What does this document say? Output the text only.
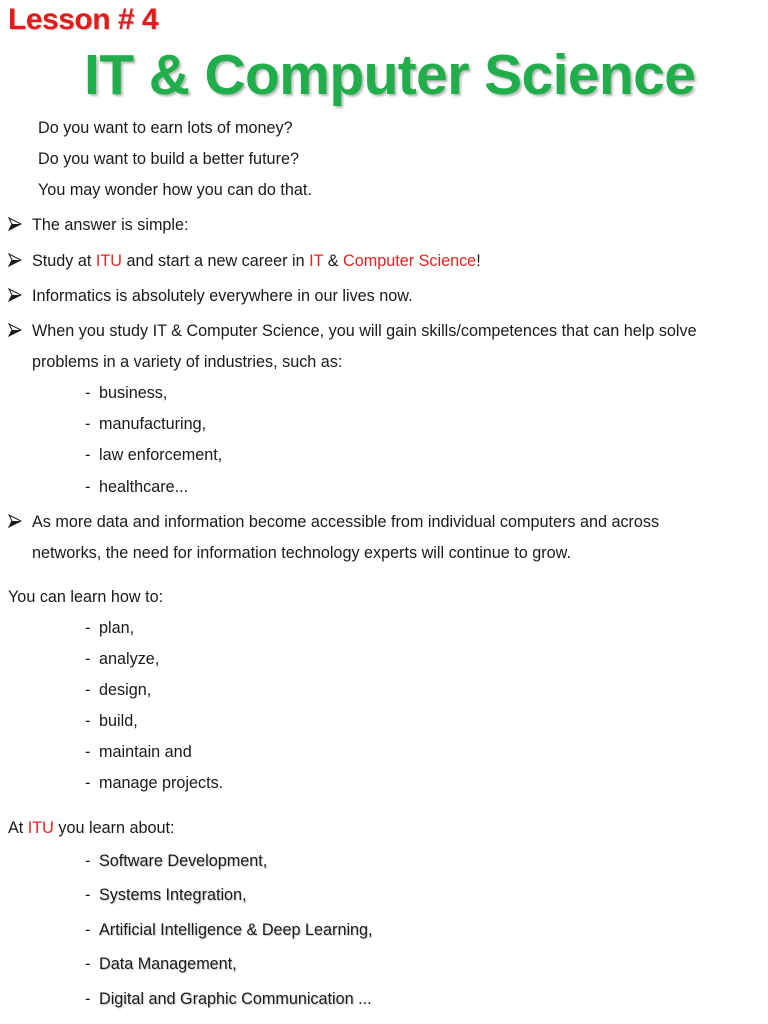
Lesson # 4
IT & Computer Science
Do you want to earn lots of money?
Do you want to build a better future?
You may wonder how you can do that.
The answer is simple:
Study at ITU and start a new career in IT & Computer Science!
Informatics is absolutely everywhere in our lives now.
When you study IT & Computer Science, you will gain skills/competences that can help solve
problems in a variety of industries, such as:
- business,
- manufacturing,
- law enforcement,
- healthcare...
As more data and information become accessible from individual computers and across
networks, the need for information technology experts will continue to grow.
You can learn how to:
- plan,
- analyze,
- design,
- build,
- maintain and
- manage projects.
At ITU you learn about:
- Software Development,
- Systems Integration,
- Artificial Intelligence & Deep Learning,
- Data Management,
- Digital and Graphic Communication ...
